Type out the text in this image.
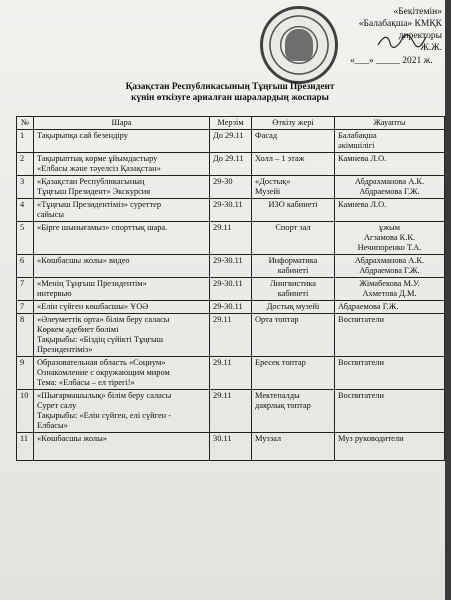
«Бекітемін»
«Балабақша» КМҚК директоры
Ж.Ж.
«___» _____ 2021 ж.
Қазақстан Республикасының Тұңғыш Президент
күнін өткізуге арналған шаралардың жоспары
№	Шара	Мерзім	Өткізу жері	Жауапты

1	Тақырыпқа сай безендіру	До 29.11	Фасад	Балабақша
әкімшілігі

2	Тақырыптық көрме ұйымдастыру
«Елбасы және тәуелсіз Қазақстан»	До 29.11	Холл – 1 этаж	Камнева Л.О.

3	«Қазақстан Республикасының
Тұңғыш Президент» Экскурсия	29-30	«Достық»
Музейі	Абдрахманова А.К.
Абдраемова Г.Ж.

4	«Тұңғыш Президентіміз» суреттер
сайысы	29-30.11	ИЗО кабинеті	Камнева Л.О.

5	«Бірге шынығамыз» спорттық шара.	29.11	Спорт зал	ұжым
Агзамова К.К.
Нечипоренко Т.А.

6	«Көшбасшы жолы» видео	29-30.11	Информатика
кабинеті	Абдрахманова А.К.
Абдраемова Г.Ж.

7	«Менің Тұңғыш Президентім»
интервью	29-30.11	Лингвистика
кабинеті	Жімабекова М.У.
Ахметова Д.М.

7	«Елін сүйген көшбасшы» ҰОӘ	29-30.11	Достық музейі	Абдраемова Г.Ж.

8	«Әлеуметтік орта» білім беру саласы
Көркем әдебиет бөлімі
Тақырыбы: «Біздің сүйікті Тұңғыш
Президентіміз»	29.11	Орта топтар	Воспитатели

9	Образовательная область «Социум»
Ознакомление с окружающим миром
Тема: «Елбасы – ел тірегі!»	29.11	Ересек топтар	Воспитатели

10	«Шығармашылық» білім беру саласы
Сурет салу
Тақырыбы: «Елін сүйген, елі сүйген -
Елбасы»	29.11	Мектепалды
даярлық топтар	Воспитатели

11	«Көшбасшы жолы»	30.11	Муззал	Муз руководители
